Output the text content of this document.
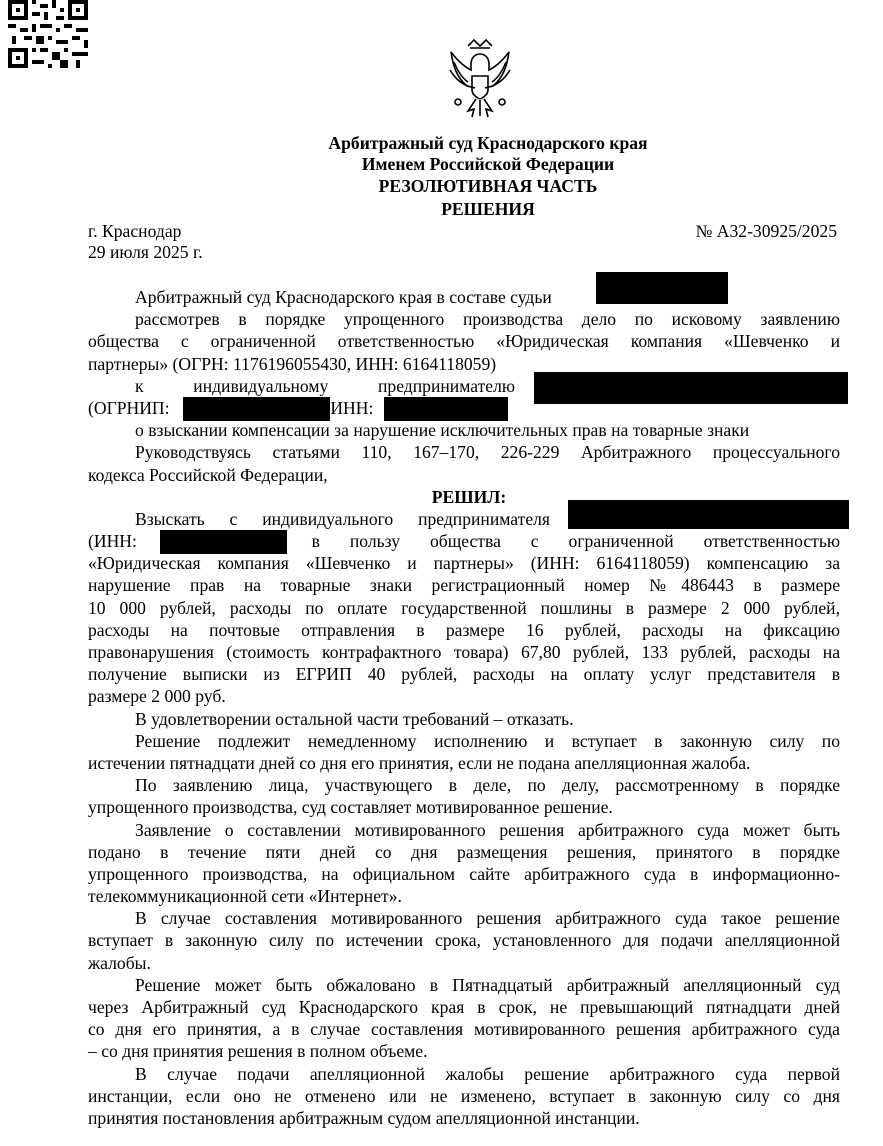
Арбитражный суд Краснодарского края
Именем Российской Федерации
РЕЗОЛЮТИВНАЯ ЧАСТЬ
РЕШЕНИЯ
г. Краснодар
29 июля 2025 г.
№ А32-30925/2025
Арбитражный суд Краснодарского края в составе судьи
рассмотрев в порядке упрощенного производства дело по исковому заявлению
общества с ограниченной ответственностью «Юридическая компания «Шевченко и
партнеры» (ОГРН: 1176196055430, ИНН: 6164118059)
к индивидуальному предпринимателю
(ОГРНИП:	, ИНН:	,
о взыскании компенсации за нарушение исключительных прав на товарные знаки
Руководствуясь статьями 110, 167–170, 226-229 Арбитражного процессуального
кодекса Российской Федерации,
РЕШИЛ:
Взыскать с индивидуального предпринимателя
(ИНН:	) в пользу общества с ограниченной ответственностью
«Юридическая компания «Шевченко и партнеры» (ИНН: 6164118059) компенсацию за
нарушение прав на товарные знаки регистрационный номер №486443 в размере
10 000 рублей, расходы по оплате государственной пошлины в размере 2 000 рублей,
расходы на почтовые отправления в размере 16 рублей, расходы на фиксацию
правонарушения (стоимость контрафактного товара) 67,80 рублей, 133 рублей, расходы на
получение выписки из ЕГРИП 40 рублей, расходы на оплату услуг представителя в
размере 2 000 руб.
В удовлетворении остальной части требований – отказать.
Решение подлежит немедленному исполнению и вступает в законную силу по
истечении пятнадцати дней со дня его принятия, если не подана апелляционная жалоба.
По заявлению лица, участвующего в деле, по делу, рассмотренному в порядке
упрощенного производства, суд составляет мотивированное решение.
Заявление о составлении мотивированного решения арбитражного суда может быть
подано в течение пяти дней со дня размещения решения, принятого в порядке
упрощенного производства, на официальном сайте арбитражного суда в информационно-
телекоммуникационной сети «Интернет».
В случае составления мотивированного решения арбитражного суда такое решение
вступает в законную силу по истечении срока, установленного для подачи апелляционной
жалобы.
Решение может быть обжаловано в Пятнадцатый арбитражный апелляционный суд
через Арбитражный суд Краснодарского края в срок, не превышающий пятнадцати дней
со дня его принятия, а в случае составления мотивированного решения арбитражного суда
– со дня принятия решения в полном объеме.
В случае подачи апелляционной жалобы решение арбитражного суда первой
инстанции, если оно не отменено или не изменено, вступает в законную силу со дня
принятия постановления арбитражным судом апелляционной инстанции.
